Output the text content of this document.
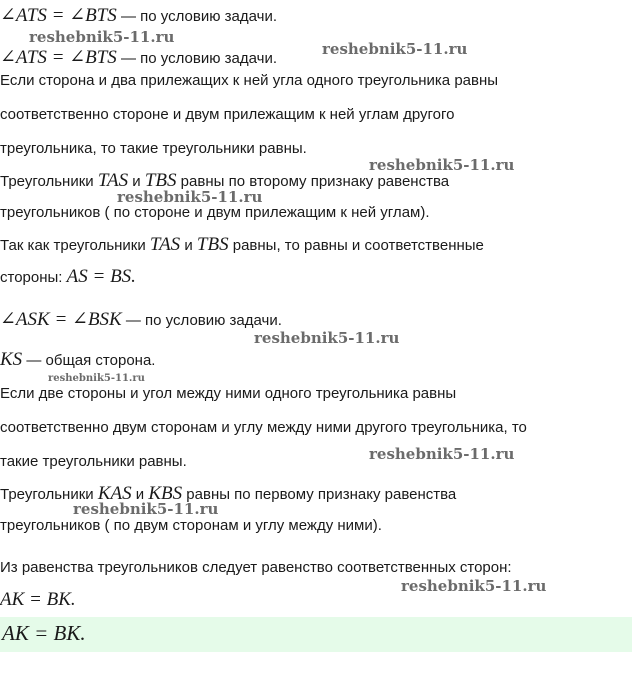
∠ATS = ∠BTS — по условию задачи.
∠ATS = ∠BTS — по условию задачи.
Если сторона и два прилежащих к ней угла одного треугольника равны
соответственно стороне и двум прилежащим к ней углам другого
треугольника, то такие треугольники равны.
Треугольники TAS и TBS равны по второму признаку равенства
треугольников ( по стороне и двум прилежащим к ней углам).
Так как треугольники TAS и TBS равны, то равны и соответственные
стороны: AS = BS.
∠ASK = ∠BSK — по условию задачи.
KS — общая сторона.
Если две стороны и угол между ними одного треугольника равны
соответственно двум сторонам и углу между ними другого треугольника, то
такие треугольники равны.
Треугольники KAS и KBS равны по первому признаку равенства
треугольников ( по двум сторонам и углу между ними).
Из равенства треугольников следует равенство соответственных сторон:
AK = BK.
AK = BK.
reshebnik5-11.ru
reshebnik5-11.ru
reshebnik5-11.ru
reshebnik5-11.ru
reshebnik5-11.ru
reshebnik5-11.ru
reshebnik5-11.ru
reshebnik5-11.ru
reshebnik5-11.ru
